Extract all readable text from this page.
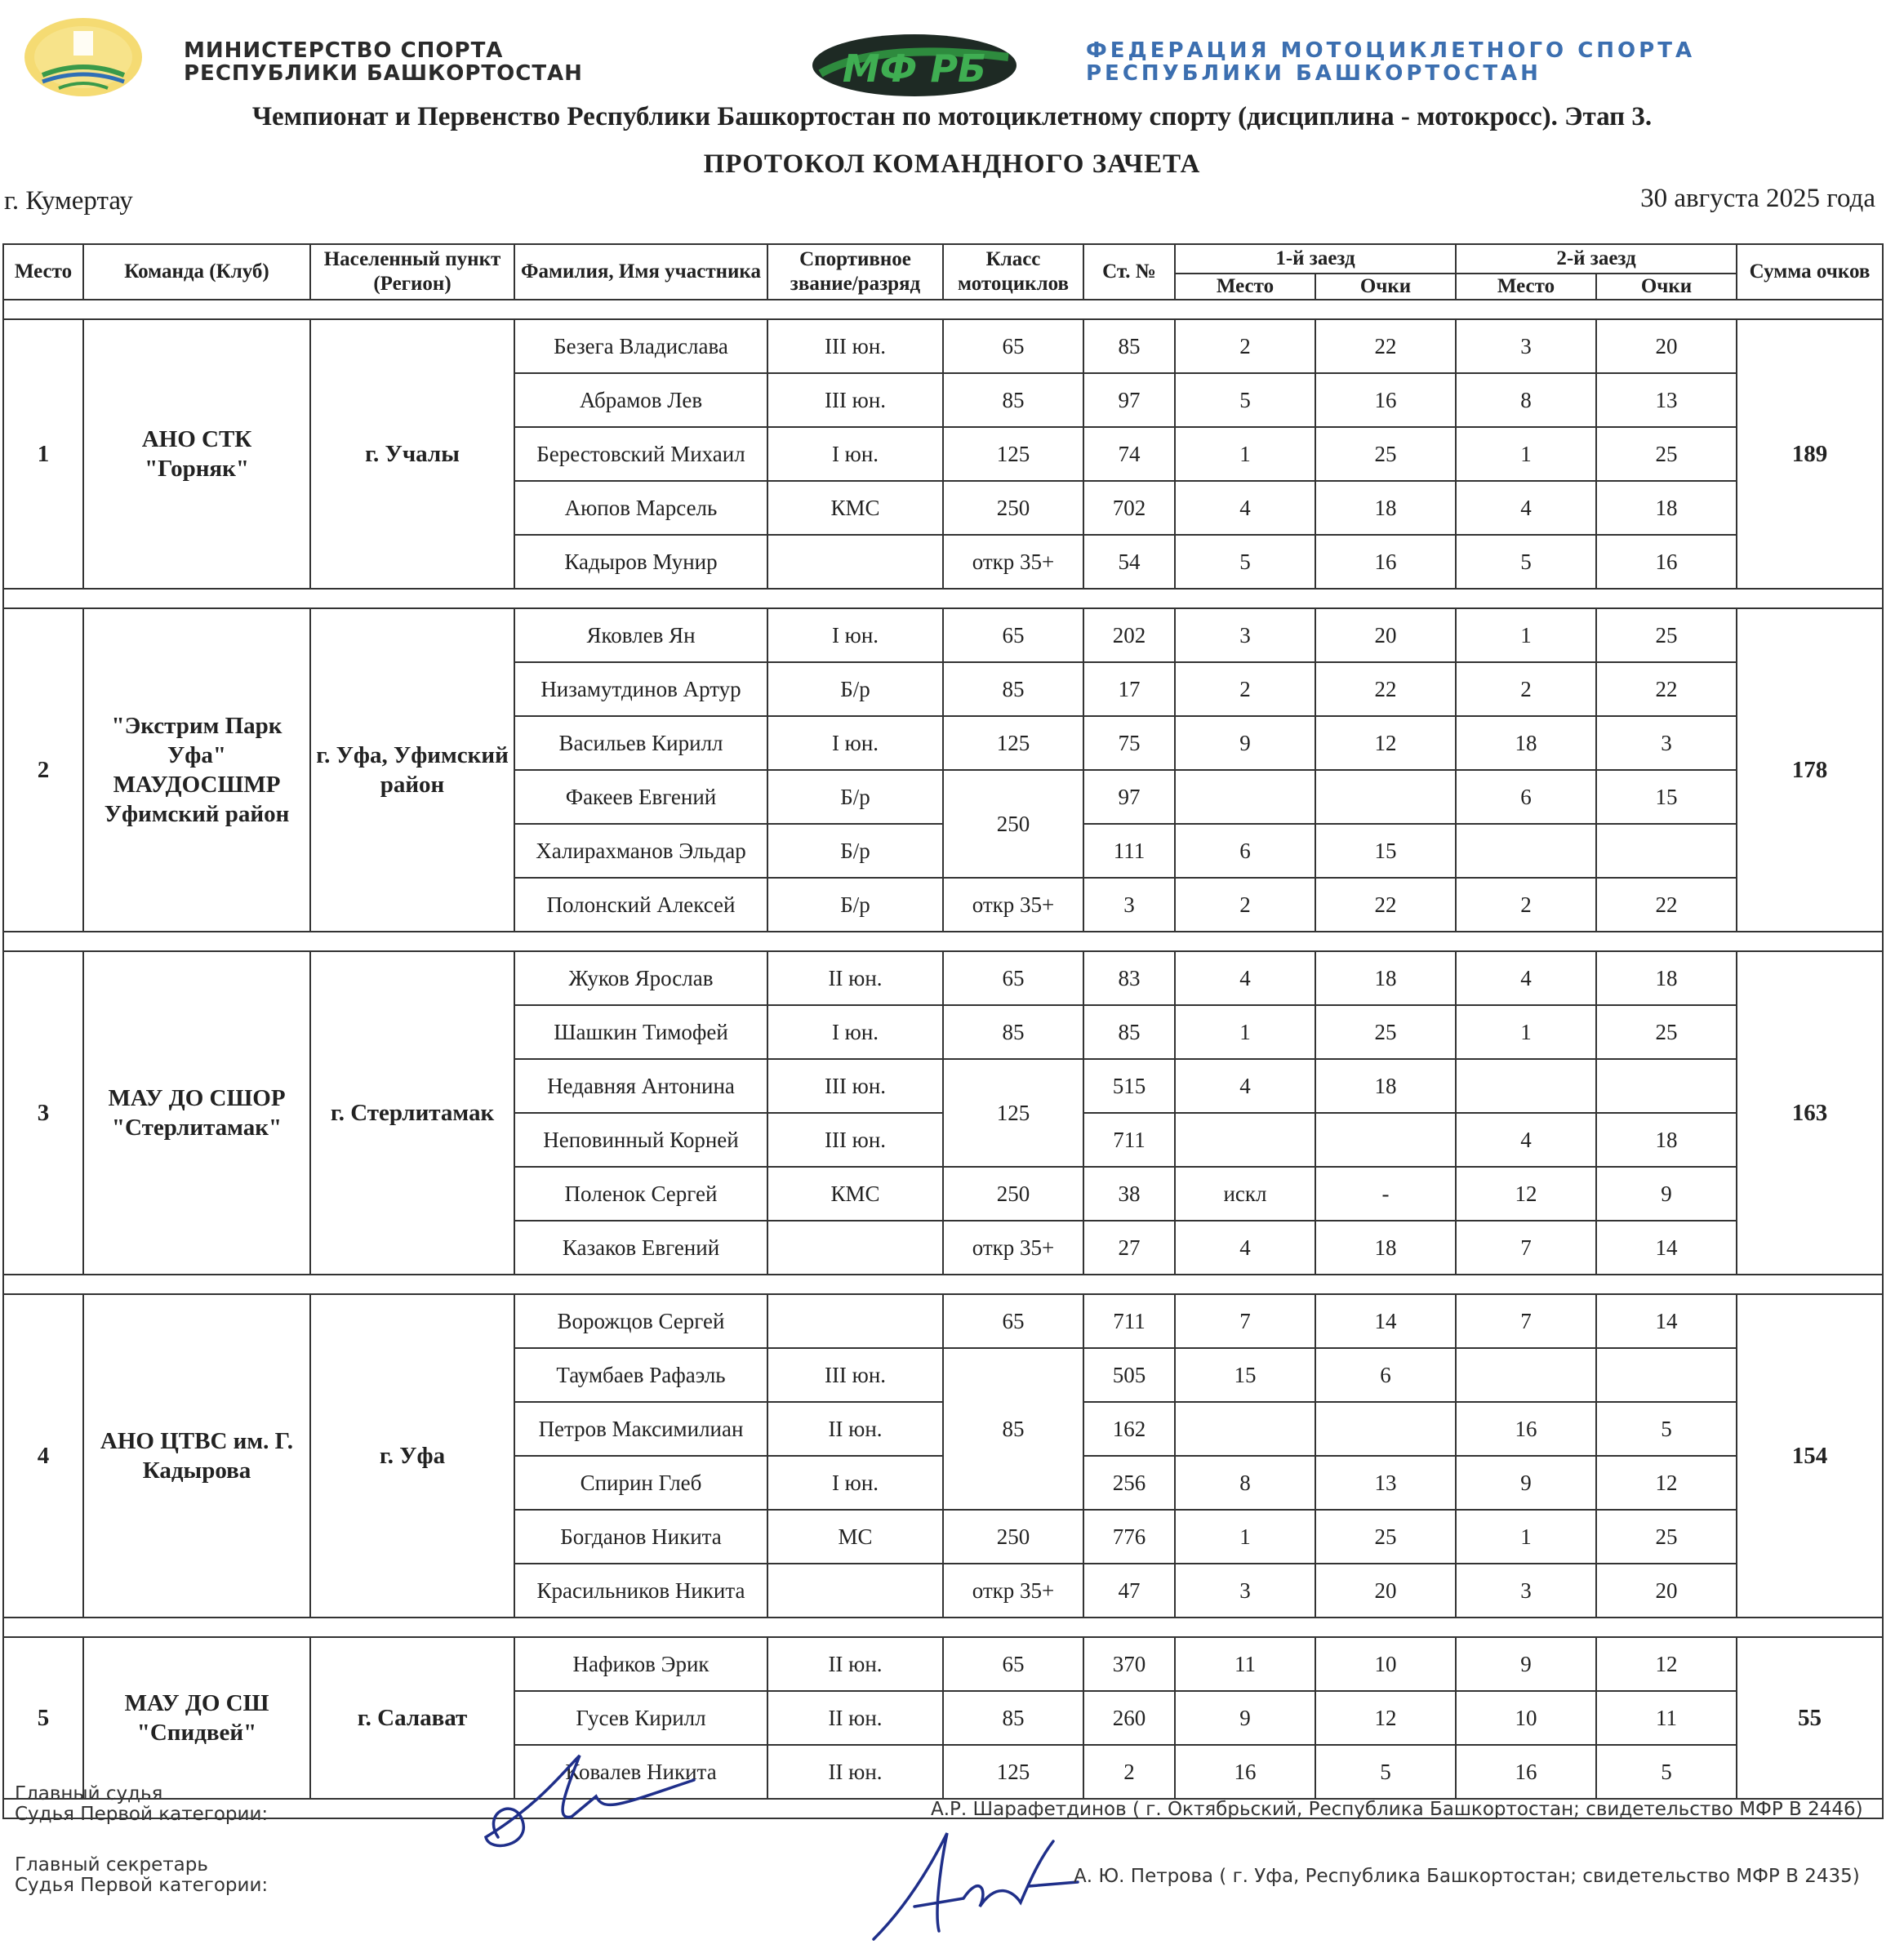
МИНИСТЕРСТВО СПОРТА
РЕСПУБЛИКИ БАШКОРТОСТАН	МФ РБ	ФЕДЕРАЦИЯ МОТОЦИКЛЕТНОГО СПОРТА
РЕСПУБЛИКИ БАШКОРТОСТАН
Чемпионат и Первенство Республики Башкортостан по мотоциклетному спорту (дисциплина - мотокросс). Этап 3.
ПРОТОКОЛ КОМАНДНОГО ЗАЧЕТА
г. Кумертау	30 августа 2025 года
Место	Команда (Клуб)	Населенный пункт (Регион)	Фамилия, Имя участника	Спортивное звание/разряд	Класс мотоциклов	Ст. №	1-й заезд		2-й заезд		Сумма очков
							Место	Очки	Место	Очки	

1	АНО СТК "Горняк"	г. Учалы	Безега Владислава	III юн.	65	85	2	22	3	20	189
			Абрамов Лев	III юн.	85	97	5	16	8	13	
			Берестовский Михаил	I юн.	125	74	1	25	1	25	
			Аюпов Марсель	КМС	250	702	4	18	4	18	
			Кадыров Мунир		откр 35+	54	5	16	5	16	

2	"Экстрим Парк Уфа" МАУДОСШМР Уфимский район	г. Уфа, Уфимский район	Яковлев Ян	I юн.	65	202	3	20	1	25	178
			Низамутдинов Артур	Б/р	85	17	2	22	2	22	
			Васильев Кирилл	I юн.	125	75	9	12	18	3	
			Факеев Евгений	Б/р	250	97			6	15	
			Халирахманов Эльдар	Б/р		111	6	15			
			Полонский Алексей	Б/р	откр 35+	3	2	22	2	22	

3	МАУ ДО СШОР "Стерлитамак"	г. Стерлитамак	Жуков Ярослав	II юн.	65	83	4	18	4	18	163
			Шашкин Тимофей	I юн.	85	85	1	25	1	25	
			Недавняя Антонина	III юн.	125	515	4	18			
			Неповинный Корней	III юн.		711			4	18	
			Поленок Сергей	КМС	250	38	искл	-	12	9	
			Казаков Евгений		откр 35+	27	4	18	7	14	

4	АНО ЦТВС им. Г. Кадырова	г. Уфа	Ворожцов Сергей		65	711	7	14	7	14	154
			Таумбаев Рафаэль	III юн.	85	505	15	6			
			Петров Максимилиан	II юн.		162			16	5	
			Спирин Глеб	I юн.		256	8	13	9	12	
			Богданов Никита	МС	250	776	1	25	1	25	
			Красильников Никита		откр 35+	47	3	20	3	20	

5	МАУ ДО СШ "Спидвей"	г. Салават	Нафиков Эрик	II юн.	65	370	11	10	9	12	55
			Гусев Кирилл	II юн.	85	260	9	12	10	11	
			Ковалев Никита	II юн.	125	2	16	5	16	5	

Главный судья
Судья Первой категории:	А.Р. Шарафетдинов ( г. Октябрьский, Республика Башкортостан; свидетельство МФР В 2446)
Главный секретарь
Судья Первой категории:	А. Ю. Петрова ( г. Уфа, Республика Башкортостан; свидетельство МФР В 2435)
